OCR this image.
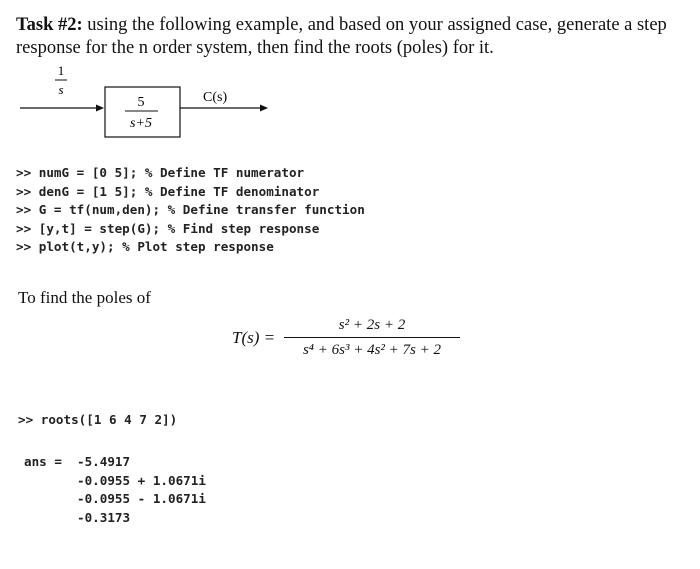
Task #2: using the following example, and based on your assigned case, generate a step response for the n order system, then find the roots (poles) for it.
1
s
5
s+5
C(s)
>> numG = [0 5]; % Define TF numerator
>> denG = [1 5]; % Define TF denominator
>> G = tf(num,den); % Define transfer function
>> [y,t] = step(G); % Find step response
>> plot(t,y); % Plot step response
To find the poles of
T(s) =
s² + 2s + 2
s⁴ + 6s³ + 4s² + 7s + 2
>> roots([1 6 4 7 2])
ans = -5.4917
-0.0955 + 1.0671i
-0.0955 - 1.0671i
-0.3173
